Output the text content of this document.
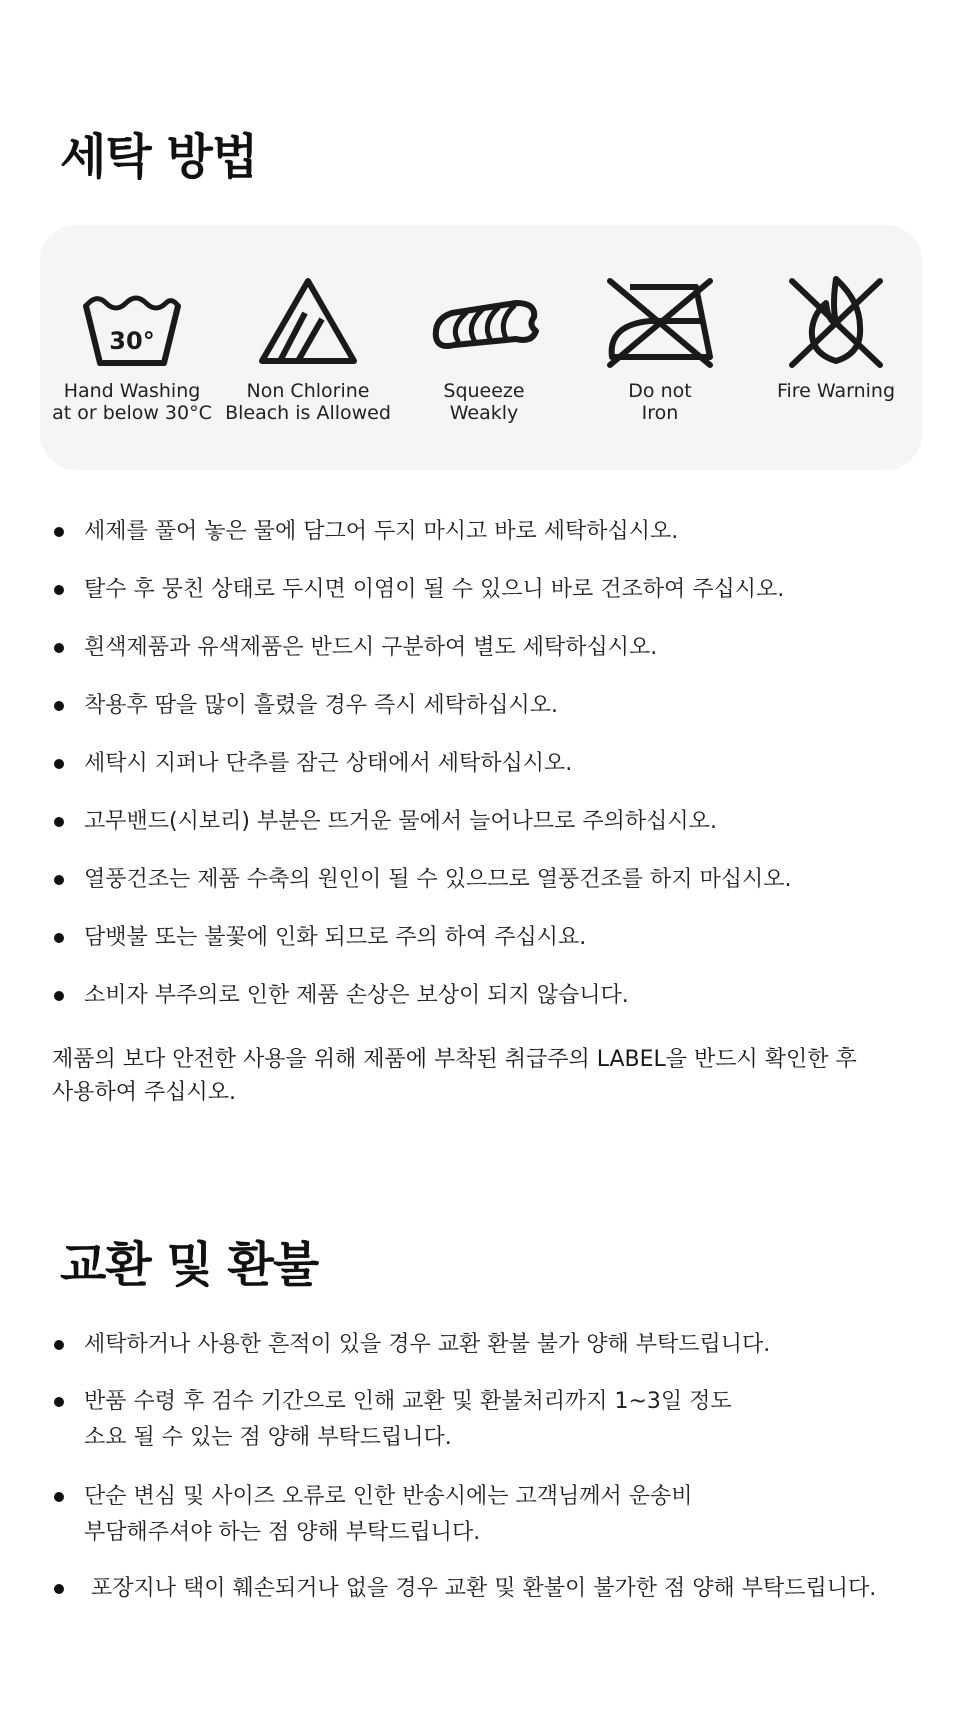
세탁 방법
30°
Hand Washing
at or below 30°C
Non Chlorine
Bleach is Allowed
Squeeze
Weakly
Do not
Iron
Fire Warning
세제를 풀어 놓은 물에 담그어 두지 마시고 바로 세탁하십시오.
탈수 후 뭉친 상태로 두시면 이염이 될 수 있으니 바로 건조하여 주십시오.
흰색제품과 유색제품은 반드시 구분하여 별도 세탁하십시오.
착용후 땀을 많이 흘렸을 경우 즉시 세탁하십시오.
세탁시 지퍼나 단추를 잠근 상태에서 세탁하십시오.
고무밴드(시보리) 부분은 뜨거운 물에서 늘어나므로 주의하십시오.
열풍건조는 제품 수축의 원인이 될 수 있으므로 열풍건조를 하지 마십시오.
담뱃불 또는 불꽃에 인화 되므로 주의 하여 주십시요.
소비자 부주의로 인한 제품 손상은 보상이 되지 않습니다.

제품의 보다 안전한 사용을 위해 제품에 부착된 취급주의 LABEL을 반드시 확인한 후
사용하여 주십시오.

교환 및 환불
세탁하거나 사용한 흔적이 있을 경우 교환 환불 불가 양해 부탁드립니다.
반품 수령 후 검수 기간으로 인해 교환 및 환불처리까지 1~3일 정도
소요 될 수 있는 점 양해 부탁드립니다.
단순 변심 및 사이즈 오류로 인한 반송시에는 고객님께서 운송비
부담해주셔야 하는 점 양해 부탁드립니다.
포장지나 택이 훼손되거나 없을 경우 교환 및 환불이 불가한 점 양해 부탁드립니다.
